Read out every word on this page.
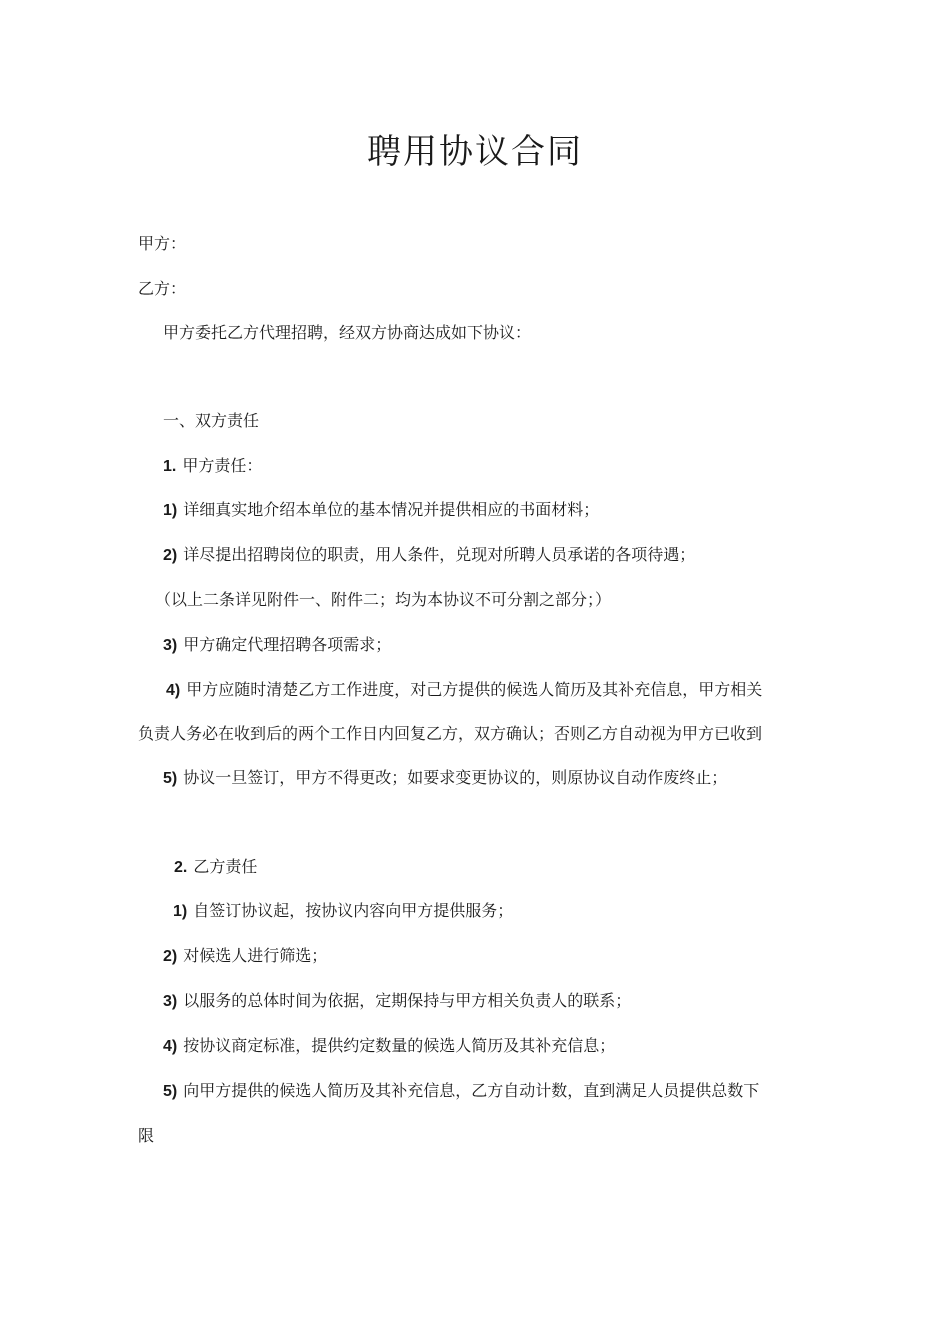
聘用协议合同
甲方：
乙方：
甲方委托乙方代理招聘，经双方协商达成如下协议：
一、双方责任
1. 甲方责任：
1) 详细真实地介绍本单位的基本情况并提供相应的书面材料；
2) 详尽提出招聘岗位的职责，用人条件，兑现对所聘人员承诺的各项待遇；
（以上二条详见附件一、附件二；均为本协议不可分割之部分；）
3) 甲方确定代理招聘各项需求；
4) 甲方应随时清楚乙方工作进度，对己方提供的候选人简历及其补充信息，甲方相关
负责人务必在收到后的两个工作日内回复乙方，双方确认；否则乙方自动视为甲方已收到
5) 协议一旦签订，甲方不得更改；如要求变更协议的，则原协议自动作废终止；
2. 乙方责任
1) 自签订协议起，按协议内容向甲方提供服务；
2) 对候选人进行筛选；
3) 以服务的总体时间为依据，定期保持与甲方相关负责人的联系；
4) 按协议商定标准，提供约定数量的候选人简历及其补充信息；
5) 向甲方提供的候选人简历及其补充信息，乙方自动计数，直到满足人员提供总数下
限
